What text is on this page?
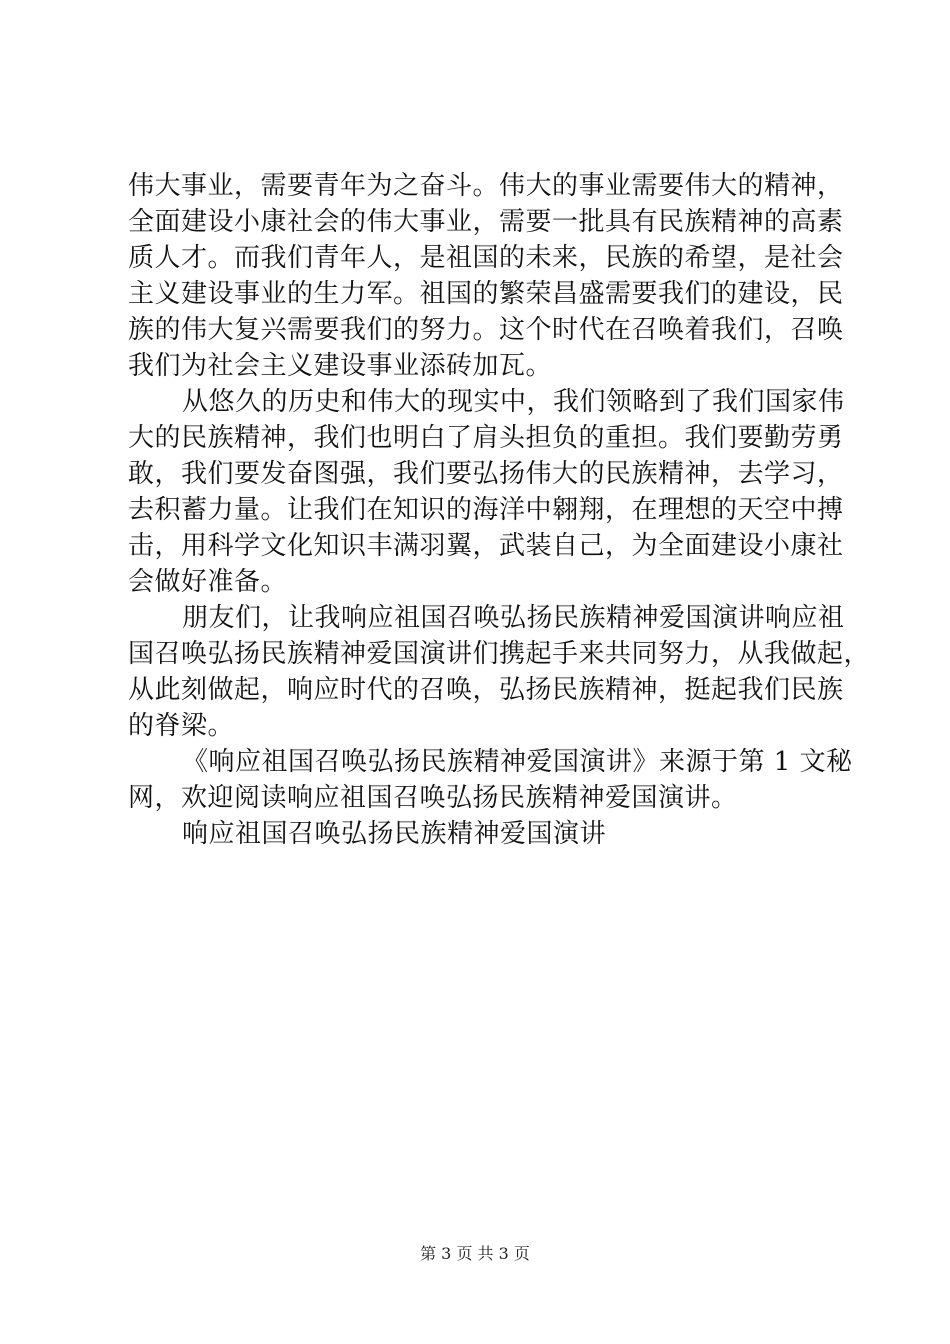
伟大事业，需要青年为之奋斗。伟大的事业需要伟大的精神，
全面建设小康社会的伟大事业，需要一批具有民族精神的高素
质人才。而我们青年人，是祖国的未来，民族的希望，是社会
主义建设事业的生力军。祖国的繁荣昌盛需要我们的建设，民
族的伟大复兴需要我们的努力。这个时代在召唤着我们，召唤
我们为社会主义建设事业添砖加瓦。
从悠久的历史和伟大的现实中，我们领略到了我们国家伟
大的民族精神，我们也明白了肩头担负的重担。我们要勤劳勇
敢，我们要发奋图强，我们要弘扬伟大的民族精神，去学习，
去积蓄力量。让我们在知识的海洋中翱翔，在理想的天空中搏
击，用科学文化知识丰满羽翼，武装自己，为全面建设小康社
会做好准备。
朋友们，让我响应祖国召唤弘扬民族精神爱国演讲响应祖
国召唤弘扬民族精神爱国演讲们携起手来共同努力，从我做起，
从此刻做起，响应时代的召唤，弘扬民族精神，挺起我们民族
的脊梁。
《响应祖国召唤弘扬民族精神爱国演讲》来源于第 1 文秘
网，欢迎阅读响应祖国召唤弘扬民族精神爱国演讲。
响应祖国召唤弘扬民族精神爱国演讲
第 3 页 共 3 页
